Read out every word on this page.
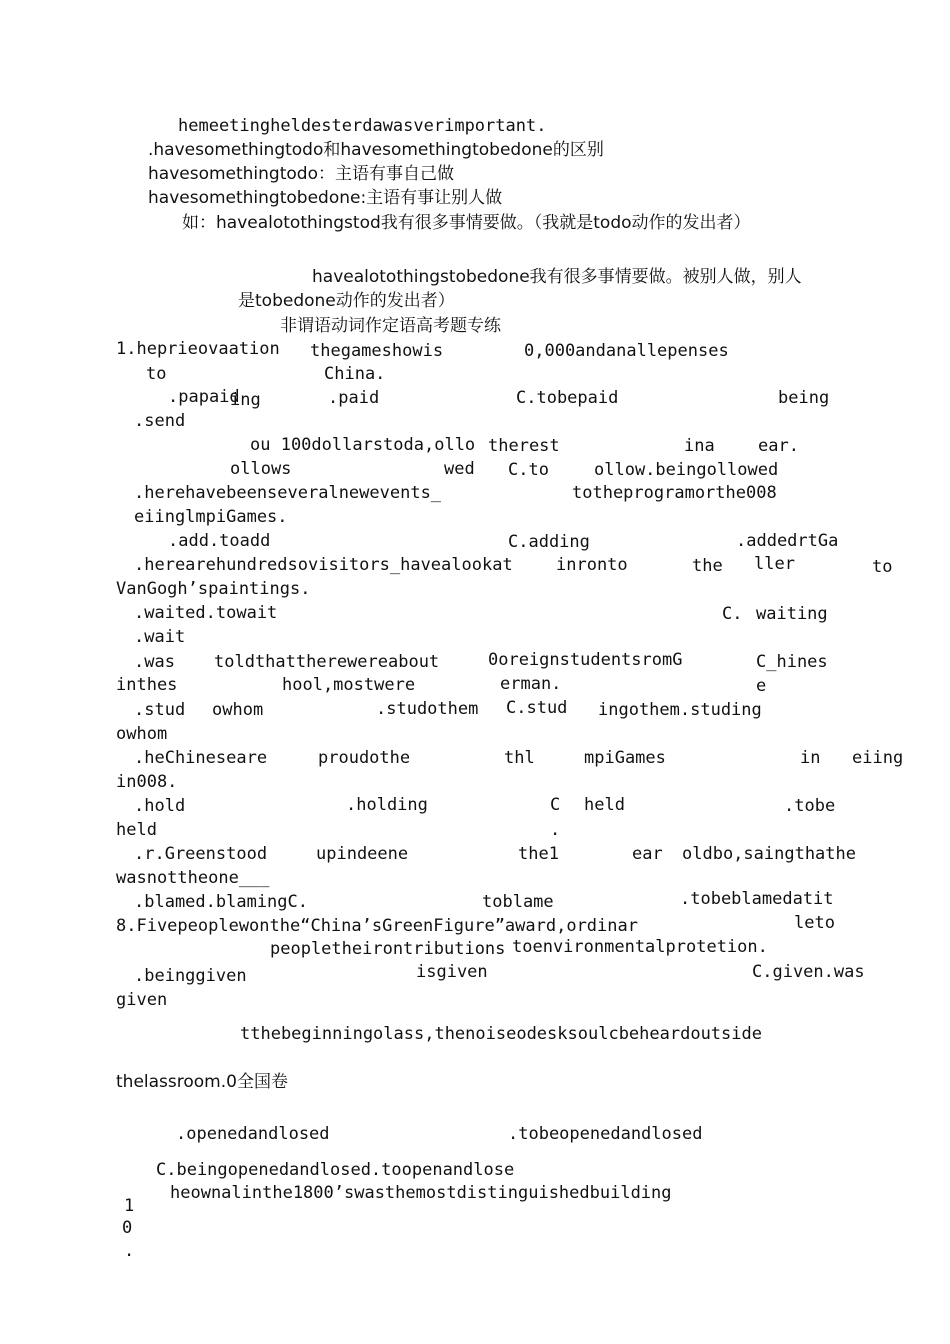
hemeetingheldesterdawasverimportant.
.havesomethingtodo和havesomethingtobedone的区别
havesomethingtodo：主语有事自己做
havesomethingtobedone:主语有事让别人做
如：havealotothingstod我有很多事情要做。（我就是todo动作的发出者）
havealotothingstobedone我有很多事情要做。被别人做，别人
是tobedone动作的发出者）
非谓语动词作定语高考题专练
1.heprieovaation thegameshowis	0,000andanallepenses
to	China.
.papaid
ing	.paid	C.tobepaid	being
.send
ou 100dollarstoda,ollo therest	ina	ear.
ollows	wed C.to	ollow.beingollowed
.herehavebeenseveralnewevents_	totheprogramorthe008
eiinglmpiGames.
.add.toadd	C.adding	.addedrtGa
.herearehundredsovisitors_havealookat	inronto	the ller	to
VanGogh’spaintings.
.waited.towait	C. waiting
.wait
.was toldthattherewereabout	0oreignstudentsromG	C_hines
inthes	hool,mostwere	erman.	e
.stud owhom	.studothem C.stud ingothem.studing
owhom
.heChineseare	proudothe	thl	mpiGames	in eiing
in008.
.hold	.holding	C held	.tobe
held	.
.r.Greenstood	upindeene	the1	ear oldbo,saingthathe
wasnottheone___
.blamed.blamingC.	toblame	.tobeblamedatit
8.Fivepeoplewonthe“China’sGreenFigure”award,ordinar	leto
peopletheirontributions toenvironmentalprotetion.
.beinggiven	isgiven	C.given.was
given
tthebeginningolass,thenoiseodesksoulcbeheardoutside
thelassroom.0全国卷
.openedandlosed	.tobeopenedandlosed
C.beingopenedandlosed.toopenandlose
heownalinthe1800’swasthemostdistinguishedbuilding
1
0
.
